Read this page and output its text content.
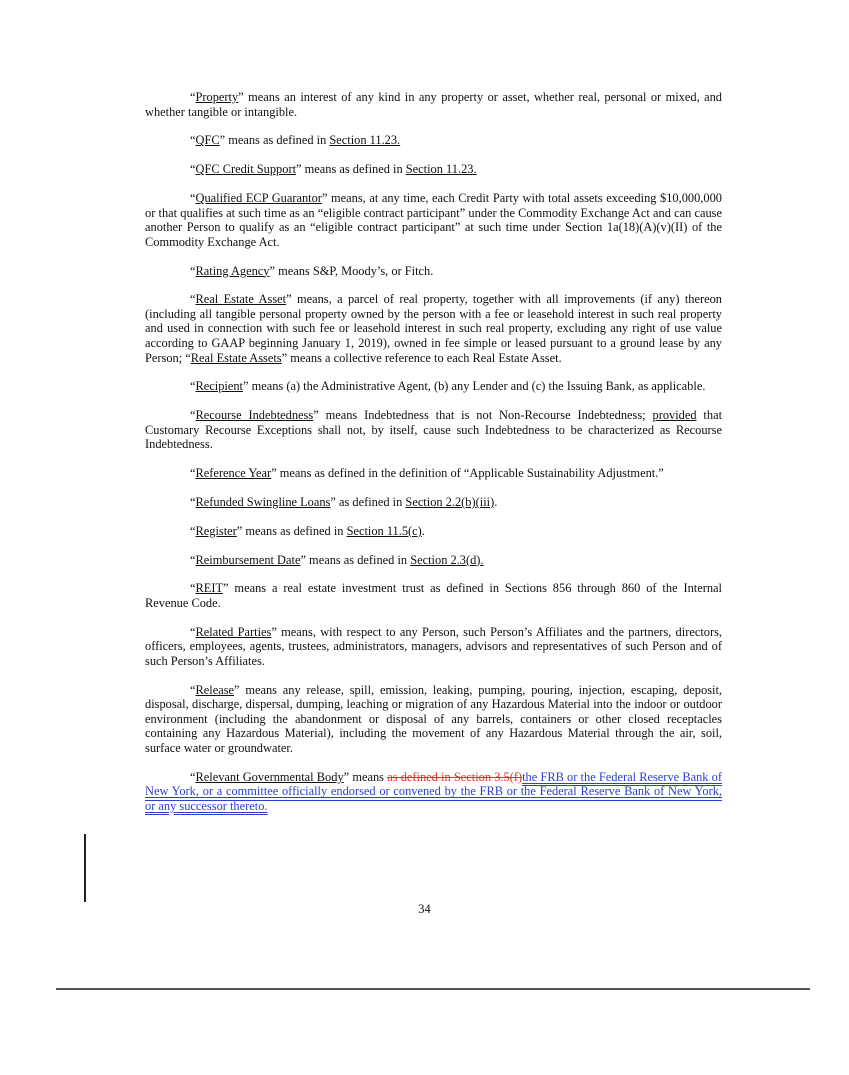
“Property” means an interest of any kind in any property or asset, whether real, personal or mixed, and whether tangible or intangible.

“QFC” means as defined in Section 11.23.

“QFC Credit Support” means as defined in Section 11.23.

“Qualified ECP Guarantor” means, at any time, each Credit Party with total assets exceeding $10,000,000 or that qualifies at such time as an “eligible contract participant” under the Commodity Exchange Act and can cause another Person to qualify as an “eligible contract participant” at such time under Section 1a(18)(A)(v)(II) of the Commodity Exchange Act.

“Rating Agency” means S&P, Moody’s, or Fitch.

“Real Estate Asset” means, a parcel of real property, together with all improvements (if any) thereon (including all tangible personal property owned by the person with a fee or leasehold interest in such real property and used in connection with such fee or leasehold interest in such real property, excluding any right of use value according to GAAP beginning January 1, 2019), owned in fee simple or leased pursuant to a ground lease by any Person; “Real Estate Assets” means a collective reference to each Real Estate Asset.

“Recipient” means (a) the Administrative Agent, (b) any Lender and (c) the Issuing Bank, as applicable.

“Recourse Indebtedness” means Indebtedness that is not Non-Recourse Indebtedness; provided that Customary Recourse Exceptions shall not, by itself, cause such Indebtedness to be characterized as Recourse Indebtedness.

“Reference Year” means as defined in the definition of “Applicable Sustainability Adjustment.”

“Refunded Swingline Loans” as defined in Section 2.2(b)(iii).

“Register” means as defined in Section 11.5(c).

“Reimbursement Date” means as defined in Section 2.3(d).

“REIT” means a real estate investment trust as defined in Sections 856 through 860 of the Internal Revenue Code.

“Related Parties” means, with respect to any Person, such Person’s Affiliates and the partners, directors, officers, employees, agents, trustees, administrators, managers, advisors and representatives of such Person and of such Person’s Affiliates.

“Release” means any release, spill, emission, leaking, pumping, pouring, injection, escaping, deposit, disposal, discharge, dispersal, dumping, leaching or migration of any Hazardous Material into the indoor or outdoor environment (including the abandonment or disposal of any barrels, containers or other closed receptacles containing any Hazardous Material), including the movement of any Hazardous Material through the air, soil, surface water or groundwater.

“Relevant Governmental Body” means as defined in Section 3.5(f)the FRB or the Federal Reserve Bank of New York, or a committee officially endorsed or convened by the FRB or the Federal Reserve Bank of New York, or any successor thereto.

34
